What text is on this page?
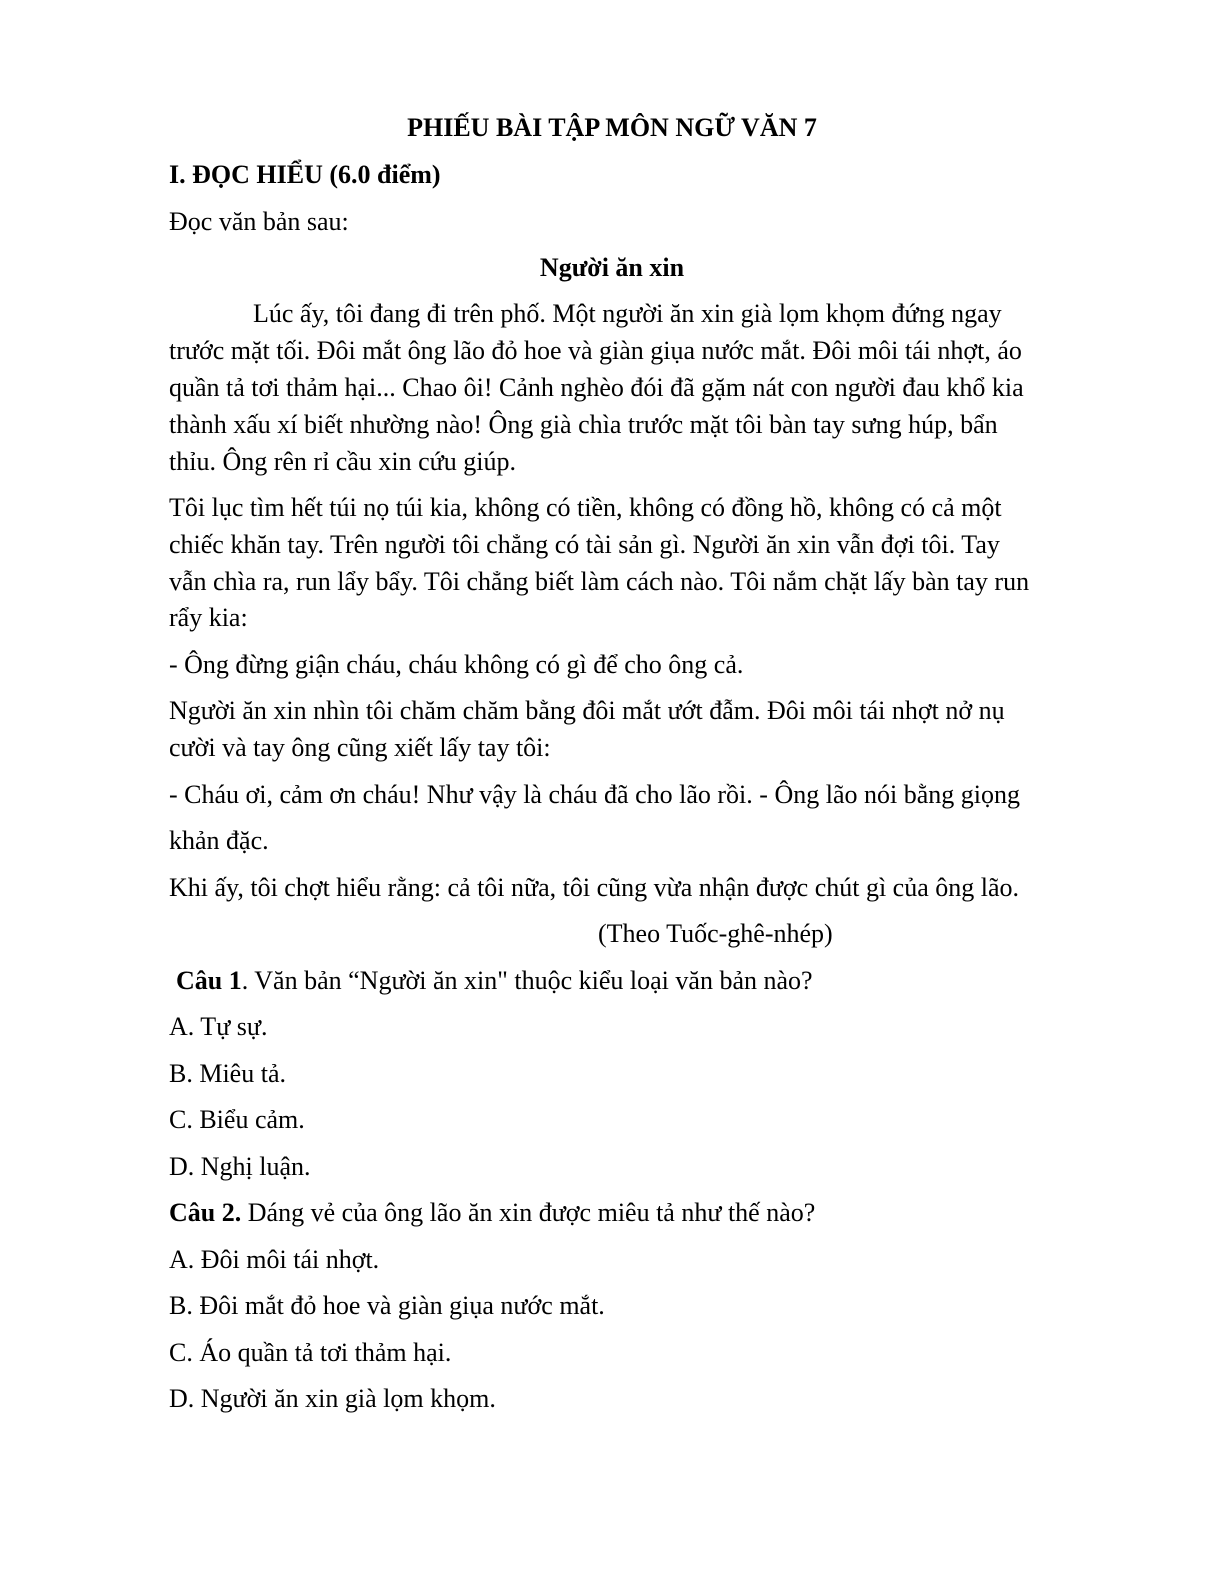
PHIẾU BÀI TẬP MÔN NGỮ VĂN 7
I. ĐỌC HIỂU (6.0 điểm)
Đọc văn bản sau:
Người ăn xin
Lúc ấy, tôi đang đi trên phố. Một người ăn xin già lọm khọm đứng ngay
trước mặt tối. Đôi mắt ông lão đỏ hoe và giàn giụa nước mắt. Đôi môi tái nhợt, áo
quần tả tơi thảm hại... Chao ôi! Cảnh nghèo đói đã gặm nát con người đau khổ kia
thành xấu xí biết nhường nào! Ông già chìa trước mặt tôi bàn tay sưng húp, bẩn
thỉu. Ông rên rỉ cầu xin cứu giúp.
Tôi lục tìm hết túi nọ túi kia, không có tiền, không có đồng hồ, không có cả một
chiếc khăn tay. Trên người tôi chẳng có tài sản gì. Người ăn xin vẫn đợi tôi. Tay
vẫn chìa ra, run lẩy bẩy. Tôi chẳng biết làm cách nào. Tôi nắm chặt lấy bàn tay run
rẩy kia:
- Ông đừng giận cháu, cháu không có gì để cho ông cả.
Người ăn xin nhìn tôi chăm chăm bằng đôi mắt ướt đẫm. Đôi môi tái nhợt nở nụ
cười và tay ông cũng xiết lấy tay tôi:
- Cháu ơi, cảm ơn cháu! Như vậy là cháu đã cho lão rồi. - Ông lão nói bằng giọng
khản đặc.
Khi ấy, tôi chợt hiểu rằng: cả tôi nữa, tôi cũng vừa nhận được chút gì của ông lão.
(Theo Tuốc-ghê-nhép)
Câu 1. Văn bản “Người ăn xin" thuộc kiểu loại văn bản nào?
A. Tự sự.
B. Miêu tả.
C. Biểu cảm.
D. Nghị luận.
Câu 2. Dáng vẻ của ông lão ăn xin được miêu tả như thế nào?
A. Đôi môi tái nhợt.
B. Đôi mắt đỏ hoe và giàn giụa nước mắt.
C. Áo quần tả tơi thảm hại.
D. Người ăn xin già lọm khọm.
